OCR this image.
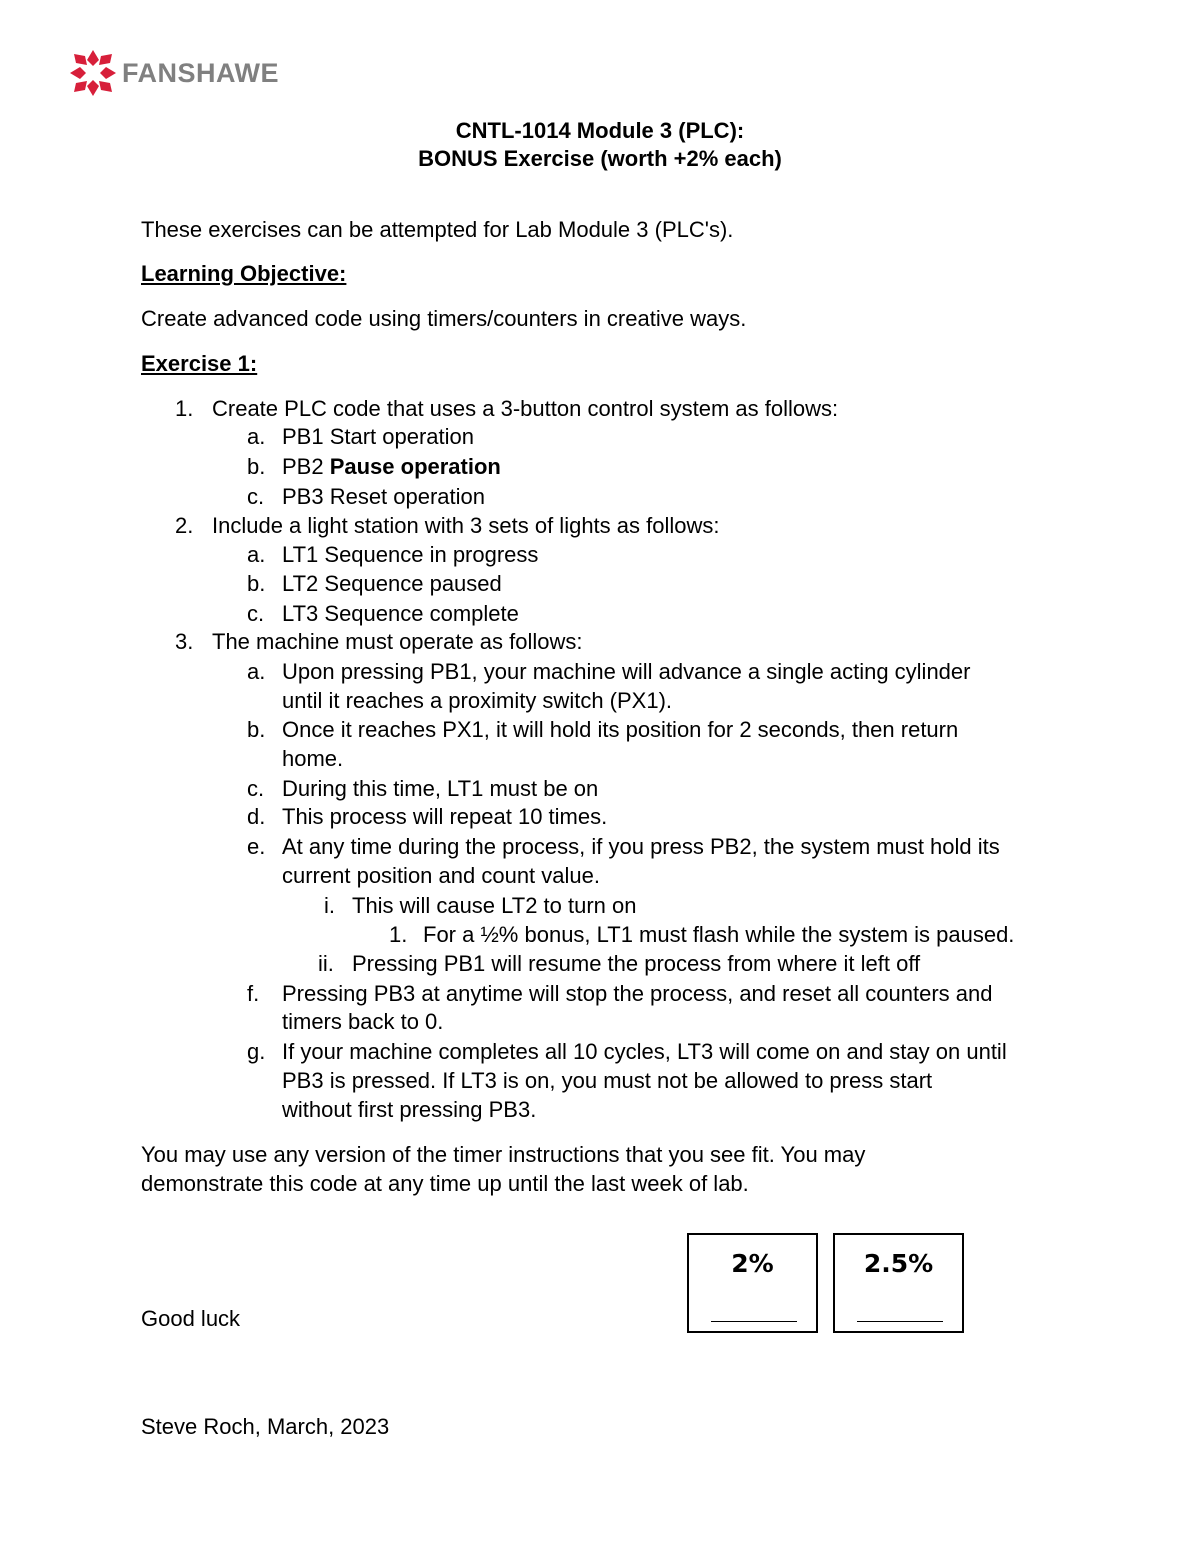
FANSHAWE
CNTL-1014 Module 3 (PLC):
BONUS Exercise (worth +2% each)
These exercises can be attempted for Lab Module 3 (PLC's).
Learning Objective:
Create advanced code using timers/counters in creative ways.
Exercise 1:
1. Create PLC code that uses a 3-button control system as follows:
a. PB1 Start operation
b. PB2 Pause operation
c. PB3 Reset operation
2. Include a light station with 3 sets of lights as follows:
a. LT1 Sequence in progress
b. LT2 Sequence paused
c. LT3 Sequence complete
3. The machine must operate as follows:
a. Upon pressing PB1, your machine will advance a single acting cylinder
until it reaches a proximity switch (PX1).
b. Once it reaches PX1, it will hold its position for 2 seconds, then return
home.
c. During this time, LT1 must be on
d. This process will repeat 10 times.
e. At any time during the process, if you press PB2, the system must hold its
current position and count value.
i. This will cause LT2 to turn on
1. For a ½% bonus, LT1 must flash while the system is paused.
ii. Pressing PB1 will resume the process from where it left off
f. Pressing PB3 at anytime will stop the process, and reset all counters and
timers back to 0.
g. If your machine completes all 10 cycles, LT3 will come on and stay on until
PB3 is pressed. If LT3 is on, you must not be allowed to press start
without first pressing PB3.
You may use any version of the timer instructions that you see fit. You may
demonstrate this code at any time up until the last week of lab.
Good luck
2%	2.5%
Steve Roch, March, 2023
